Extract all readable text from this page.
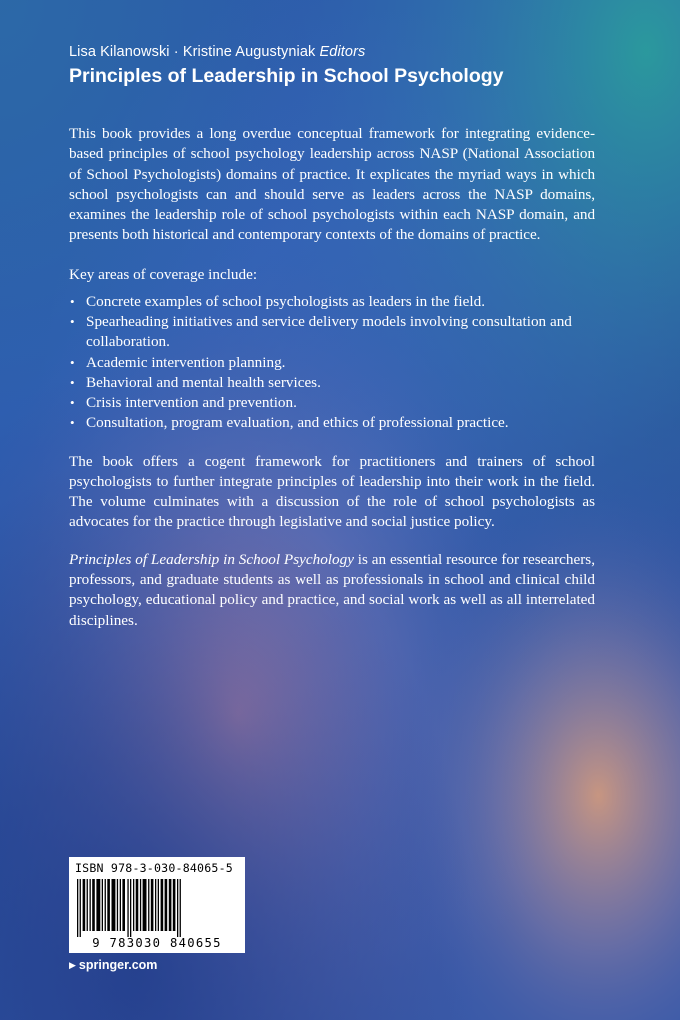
Lisa Kilanowski · Kristine Augustyniak Editors
Principles of Leadership in School Psychology

This book provides a long overdue conceptual framework for integrating evidence-based principles of school psychology leadership across NASP (National Association of School Psychologists) domains of practice. It explicates the myriad ways in which school psychologists can and should serve as leaders across the NASP domains, examines the leadership role of school psychologists within each NASP domain, and presents both historical and contemporary contexts of the domains of practice.

Key areas of coverage include:

• Concrete examples of school psychologists as leaders in the field.
• Spearheading initiatives and service delivery models involving consultation and collaboration.
• Academic intervention planning.
• Behavioral and mental health services.
• Crisis intervention and prevention.
• Consultation, program evaluation, and ethics of professional practice.

The book offers a cogent framework for practitioners and trainers of school psychologists to further integrate principles of leadership into their work in the field. The volume culminates with a discussion of the role of school psychologists as advocates for the practice through legislative and social justice policy.

Principles of Leadership in School Psychology is an essential resource for researchers, professors, and graduate students as well as professionals in school and clinical child psychology, educational policy and practice, and social work as well as all interrelated disciplines.

ISBN 978-3-030-84065-5
9 783030 840655
▶ springer.com
